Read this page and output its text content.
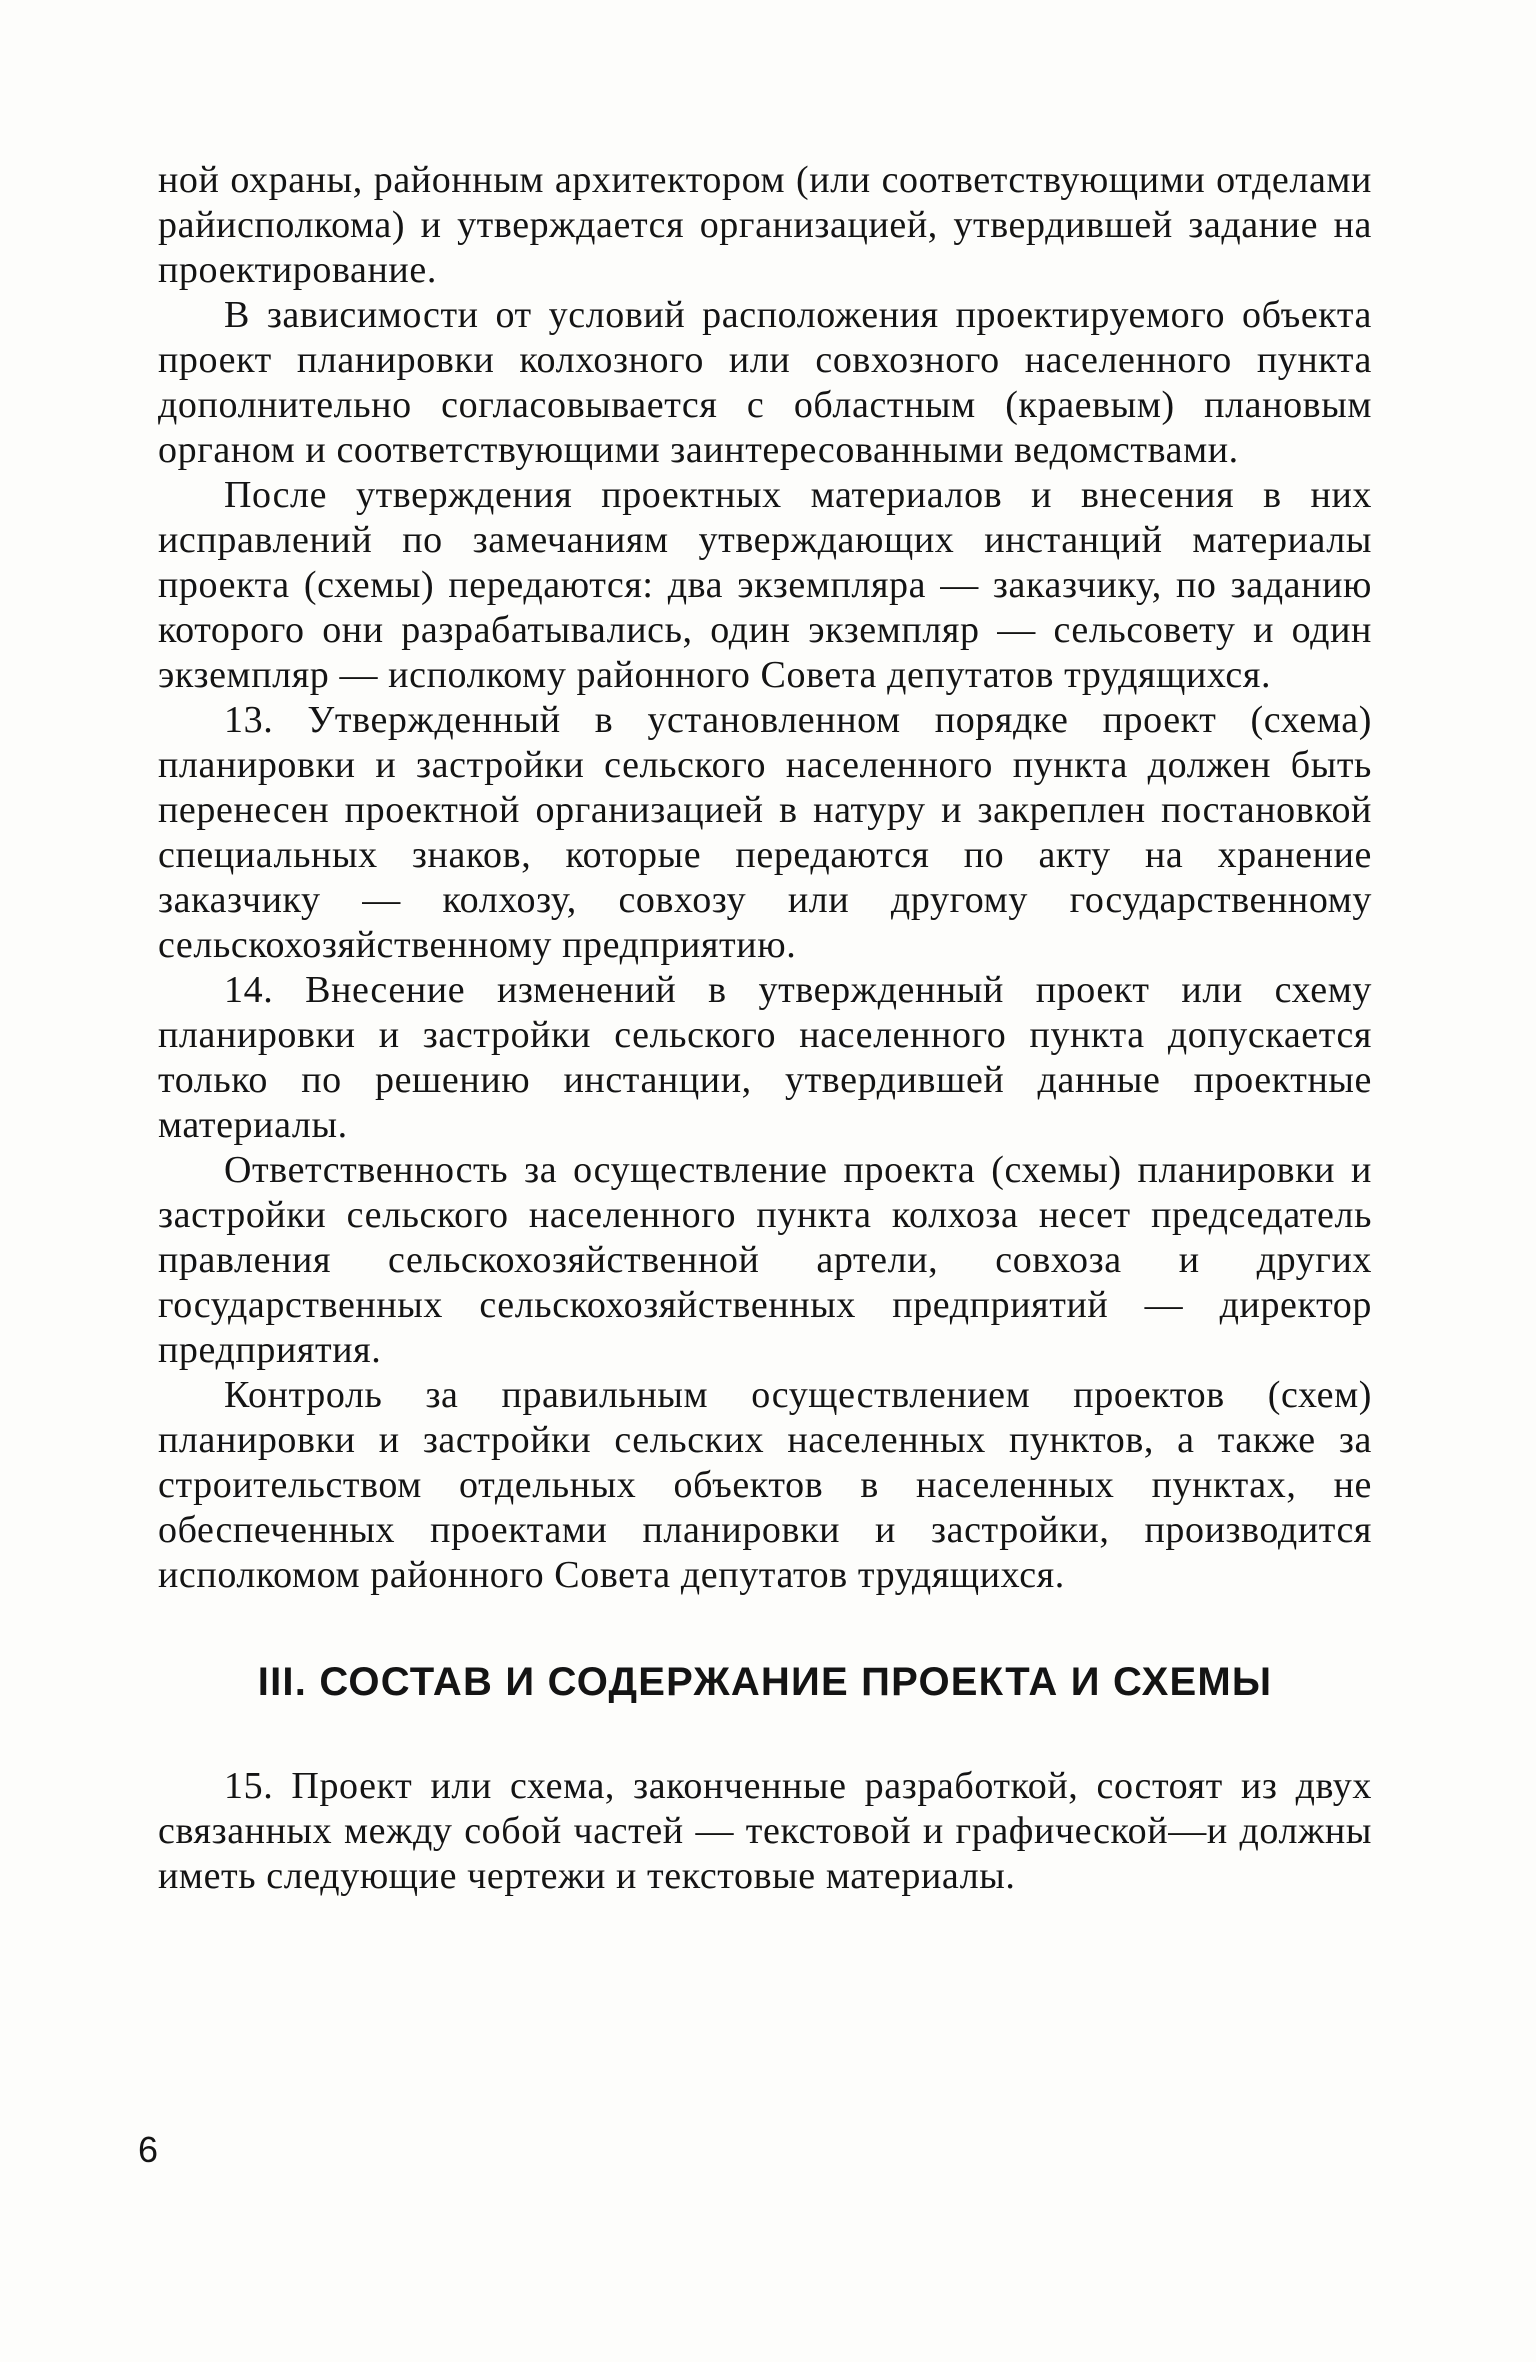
ной охраны, районным архитектором (или соответствующими отделами райисполкома) и утверждается организацией, утвердившей задание на проектирование.

В зависимости от условий расположения проектируемого объекта проект планировки колхозного или совхозного населенного пункта дополнительно согласовывается с областным (краевым) плановым органом и соответствующими заинтересованными ведомствами.

После утверждения проектных материалов и внесения в них исправлений по замечаниям утверждающих инстанций материалы проекта (схемы) передаются: два экземпляра — заказчику, по заданию которого они разрабатывались, один экземпляр — сельсовету и один экземпляр — исполкому районного Совета депутатов трудящихся.

13. Утвержденный в установленном порядке проект (схема) планировки и застройки сельского населенного пункта должен быть перенесен проектной организацией в натуру и закреплен постановкой специальных знаков, которые передаются по акту на хранение заказчику — колхозу, совхозу или другому государственному сельскохозяйственному предприятию.

14. Внесение изменений в утвержденный проект или схему планировки и застройки сельского населенного пункта допускается только по решению инстанции, утвердившей данные проектные материалы.

Ответственность за осуществление проекта (схемы) планировки и застройки сельского населенного пункта колхоза несет председатель правления сельскохозяйственной артели, совхоза и других государственных сельскохозяйственных предприятий — директор предприятия.

Контроль за правильным осуществлением проектов (схем) планировки и застройки сельских населенных пунктов, а также за строительством отдельных объектов в населенных пунктах, не обеспеченных проектами планировки и застройки, производится исполкомом районного Совета депутатов трудящихся.

III. СОСТАВ И СОДЕРЖАНИЕ ПРОЕКТА И СХЕМЫ

15. Проект или схема, законченные разработкой, состоят из двух связанных между собой частей — текстовой и графической—и должны иметь следующие чертежи и текстовые материалы.

6
